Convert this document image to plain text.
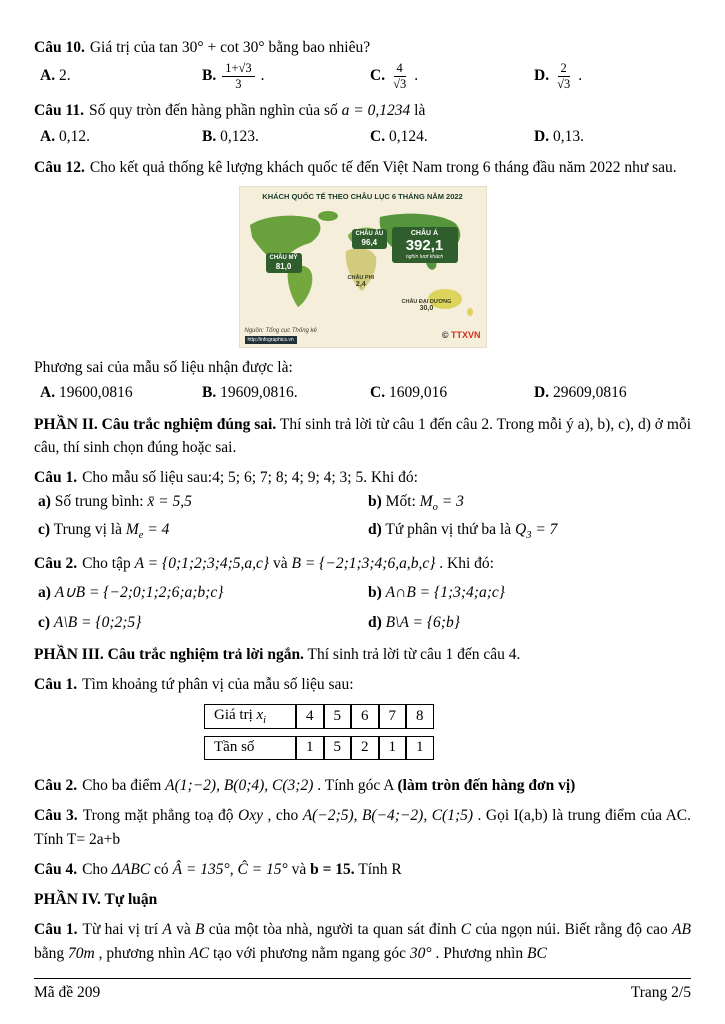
Câu 10. Giá trị của tan 30° + cot 30° bằng bao nhiêu?
A. 2.	B. $\frac{1+√3}{3}$ .	C. $\frac{4}{√3}$ .	D. $\frac{2}{√3}$ .
Câu 11. Số quy tròn đến hàng phần nghìn của số a = 0,1234 là
A. 0,12.	B. 0,123.	C. 0,124.	D. 0,13.
Câu 12. Cho kết quả thống kê lượng khách quốc tế đến Việt Nam trong 6 tháng đầu năm 2022 như sau.
KHÁCH QUỐC TẾ THEO CHÂU LỤC 6 THÁNG NĂM 2022
CHÂU MỸ
81,0
CHÂU ÂU
96,4
CHÂU Á
392,1
nghìn lượt khách
CHÂU PHI
2,4
CHÂU ĐẠI DƯƠNG
30,0
Nguồn: Tổng cục Thống kê
http://infographics.vn	© TTXVN
Phương sai của mẫu số liệu nhận được là:
A. 19600,0816	B. 19609,0816.	C. 1609,016	D. 29609,0816
PHẦN II. Câu trắc nghiệm đúng sai. Thí sinh trả lời từ câu 1 đến câu 2. Trong mỗi ý a), b), c), d) ở mỗi câu, thí sinh chọn đúng hoặc sai.
Câu 1. Cho mẫu số liệu sau:4; 5; 6; 7; 8; 4; 9; 4; 3; 5. Khi đó:
a) Số trung bình: x̄ = 5,5	b) Mốt: $M_o = 3$
c) Trung vị là $M_e = 4$	d) Tứ phân vị thứ ba là $Q_3 = 7$
Câu 2. Cho tập A = {0;1;2;3;4;5,a,c} và B = {−2;1;3;4;6,a,b,c} . Khi đó:
a) A∪B = {−2;0;1;2;6;a;b;c}	b) A∩B = {1;3;4;a;c}
c) A\B = {0;2;5}	d) B\A = {6;b}
PHẦN III. Câu trắc nghiệm trả lời ngắn. Thí sinh trả lời từ câu 1 đến câu 4.
Câu 1. Tìm khoảng tứ phân vị của mẫu số liệu sau:
Giá trị $x_i$	4	5	6	7	8
Tần số	1	5	2	1	1
Câu 2. Cho ba điểm A(1;−2), B(0;4), C(3;2) . Tính góc A (làm tròn đến hàng đơn vị)
Câu 3. Trong mặt phẳng toạ độ Oxy , cho A(−2;5), B(−4;−2), C(1;5) . Gọi I(a,b) là trung điểm của AC. Tính T= 2a+b
Câu 4. Cho ΔABC có Â = 135°, Ĉ = 15° và b = 15. Tính R
PHẦN IV. Tự luận
Câu 1. Từ hai vị trí A và B của một tòa nhà, người ta quan sát đỉnh C của ngọn núi. Biết rằng độ cao AB bằng 70m , phương nhìn AC tạo với phương nằm ngang góc 30° . Phương nhìn BC
Mã đề 209	Trang 2/5
